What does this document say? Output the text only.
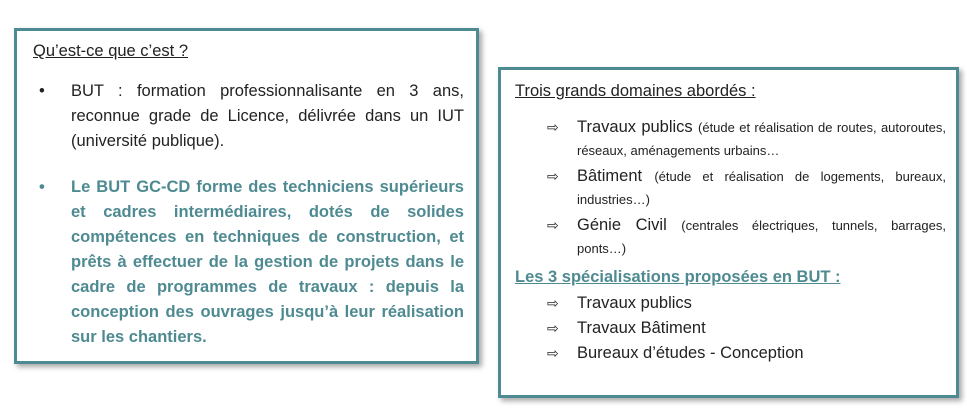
Qu’est-ce que c’est ?

• BUT : formation professionnalisante en 3 ans, reconnue grade de Licence, délivrée dans un IUT (université publique).
• Le BUT GC-CD forme des techniciens supérieurs et cadres intermédiaires, dotés de solides compétences en techniques de construction, et prêts à effectuer de la gestion de projets dans le cadre de programmes de travaux : depuis la conception des ouvrages jusqu’à leur réalisation sur les chantiers.

Trois grands domaines abordés :

⇨ Travaux publics (étude et réalisation de routes, autoroutes, réseaux, aménagements urbains…
⇨ Bâtiment (étude et réalisation de logements, bureaux, industries…)
⇨ Génie Civil (centrales électriques, tunnels, barrages, ponts…)

Les 3 spécialisations proposées en BUT :

⇨ Travaux publics
⇨ Travaux Bâtiment
⇨ Bureaux d’études - Conception
